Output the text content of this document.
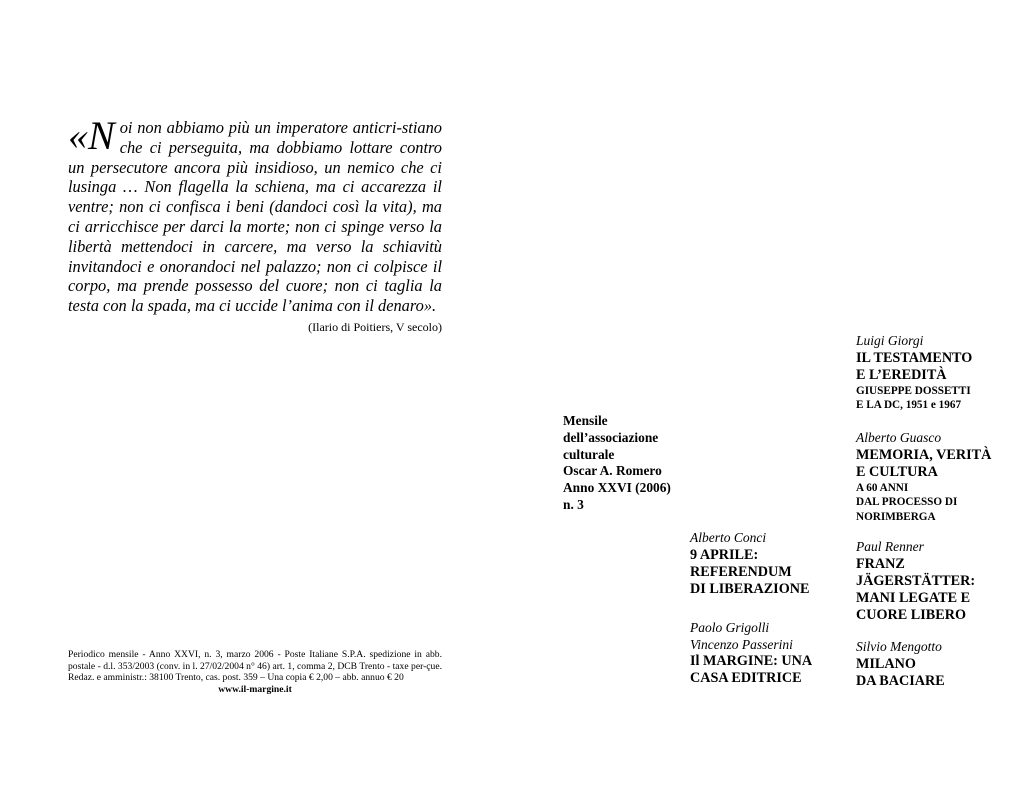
«Noi non abbiamo più un imperatore anticri-stiano che ci perseguita, ma dobbiamo lottare contro un persecutore ancora più insidioso, un nemico che ci lusinga … Non flagella la schiena, ma ci accarezza il ventre; non ci confisca i beni (dandoci così la vita), ma ci arricchisce per darci la morte; non ci spinge verso la libertà mettendoci in carcere, ma verso la schiavitù invitandoci e onorandoci nel palazzo; non ci colpisce il corpo, ma prende possesso del cuore; non ci taglia la testa con la spada, ma ci uccide l’anima con il denaro».

(Ilario di Poitiers, V secolo)
Periodico mensile - Anno XXVI, n. 3, marzo 2006 - Poste Italiane S.P.A. spedizione in abb. postale - d.l. 353/2003 (conv. in l. 27/02/2004 n° 46) art. 1, comma 2, DCB Trento - taxe per-çue. Redaz. e amministr.: 38100 Trento, cas. post. 359 – Una copia € 2,00 – abb. annuo € 20
www.il-margine.it
Mensile
dell’associazione
culturale
Oscar A. Romero
Anno XXVI (2006)
n. 3
Alberto Conci
9 APRILE:
REFERENDUM
DI LIBERAZIONE
Paolo Grigolli
Vincenzo Passerini
Il MARGINE: UNA
CASA EDITRICE
Luigi Giorgi
IL TESTAMENTO
E L’EREDITÀ
GIUSEPPE DOSSETTI
E LA DC, 1951 e 1967
Alberto Guasco
MEMORIA, VERITÀ
E CULTURA
A 60 ANNI
DAL PROCESSO DI
NORIMBERGA
Paul Renner
FRANZ
JÄGERSTÄTTER:
MANI LEGATE E
CUORE LIBERO
Silvio Mengotto
MILANO
DA BACIARE
